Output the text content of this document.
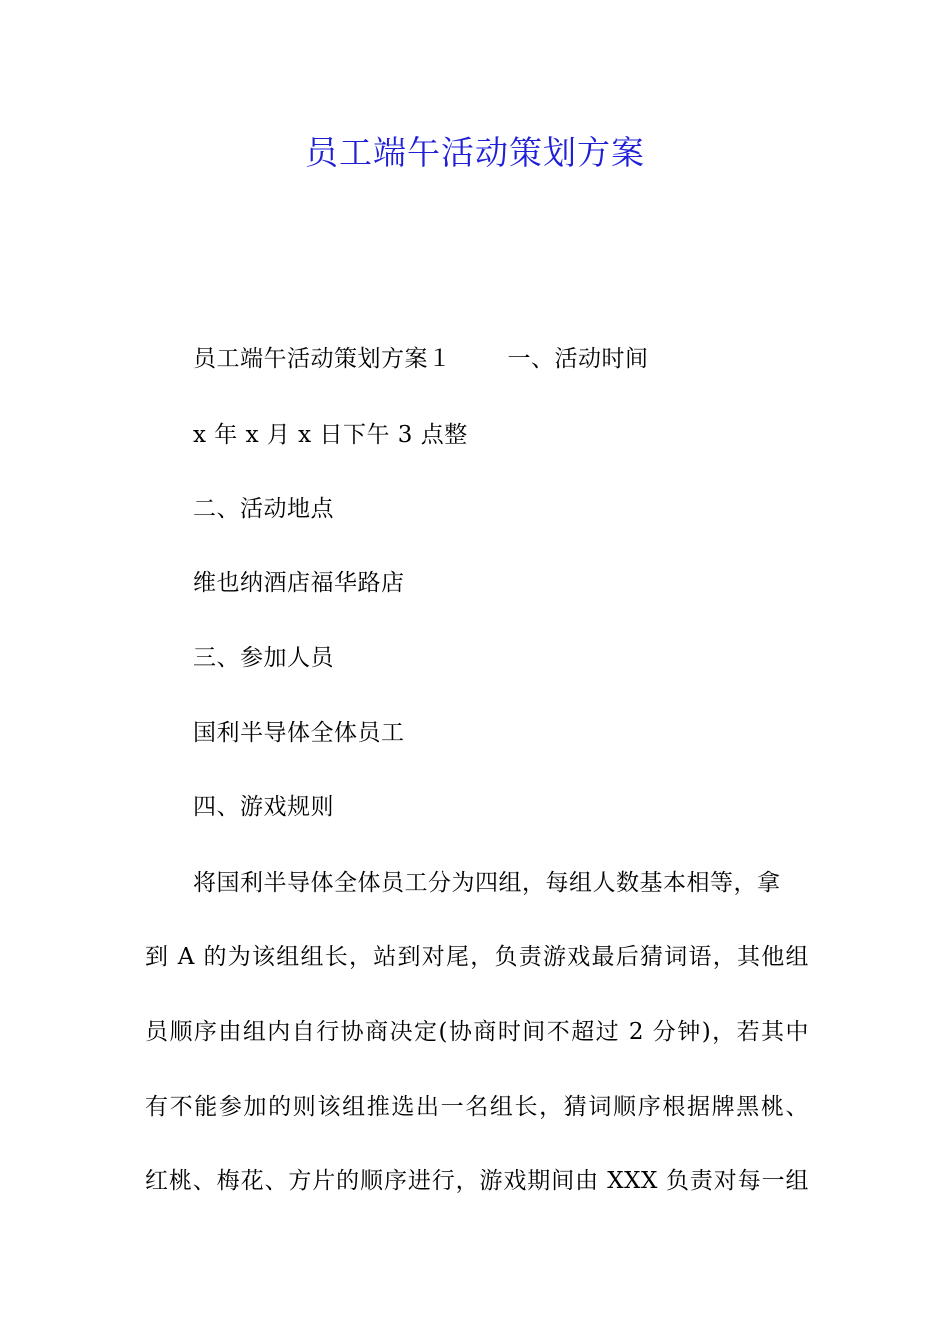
员工端午活动策划方案
员工端午活动策划方案１ 一、活动时间
x 年 x 月 x 日下午 3 点整
二、活动地点
维也纳酒店福华路店
三、参加人员
国利半导体全体员工
四、游戏规则
将国利半导体全体员工分为四组，每组人数基本相等，拿
到 A 的为该组组长，站到对尾，负责游戏最后猜词语，其他组
员顺序由组内自行协商决定(协商时间不超过 2 分钟)，若其中
有不能参加的则该组推选出一名组长，猜词顺序根据牌黑桃、
红桃、梅花、方片的顺序进行，游戏期间由 XXX 负责对每一组
